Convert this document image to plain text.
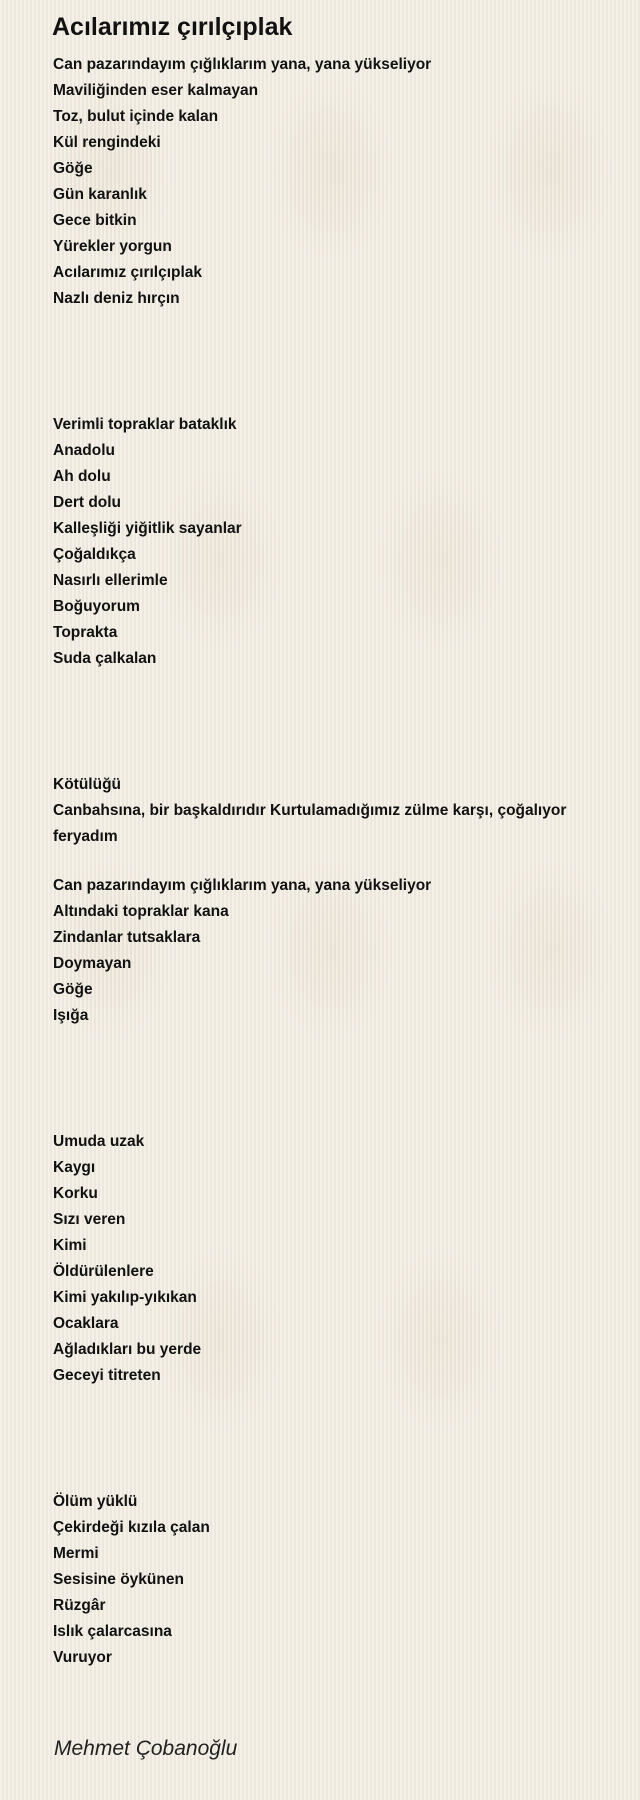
Acılarımız çırılçıplak
Can pazarındayım çığlıklarım yana, yana yükseliyor
Maviliğinden eser kalmayan
Toz, bulut içinde kalan
Kül rengindeki
Göğe
Gün karanlık
Gece bitkin
Yürekler yorgun
Acılarımız çırılçıplak
Nazlı deniz hırçın
Verimli topraklar bataklık
Anadolu
Ah dolu
Dert dolu
Kalleşliği yiğitlik sayanlar
Çoğaldıkça
Nasırlı ellerimle
Boğuyorum
Toprakta
Suda çalkalan
Kötülüğü
Canbahsına, bir başkaldırıdır Kurtulamadığımız zülme karşı, çoğalıyor feryadım
Can pazarındayım çığlıklarım yana, yana yükseliyor
Altındaki topraklar kana
Zindanlar tutsaklara
Doymayan
Göğe
Işığa
Umuda uzak
Kaygı
Korku
Sızı veren
Kimi
Öldürülenlere
Kimi yakılıp-yıkıkan
Ocaklara
Ağladıkları bu yerde
Geceyi titreten
Ölüm yüklü
Çekirdeği kızıla çalan
Mermi
Sesisine öykünen
Rüzgâr
Islık çalarcasına
Vuruyor
Mehmet Çobanoğlu
